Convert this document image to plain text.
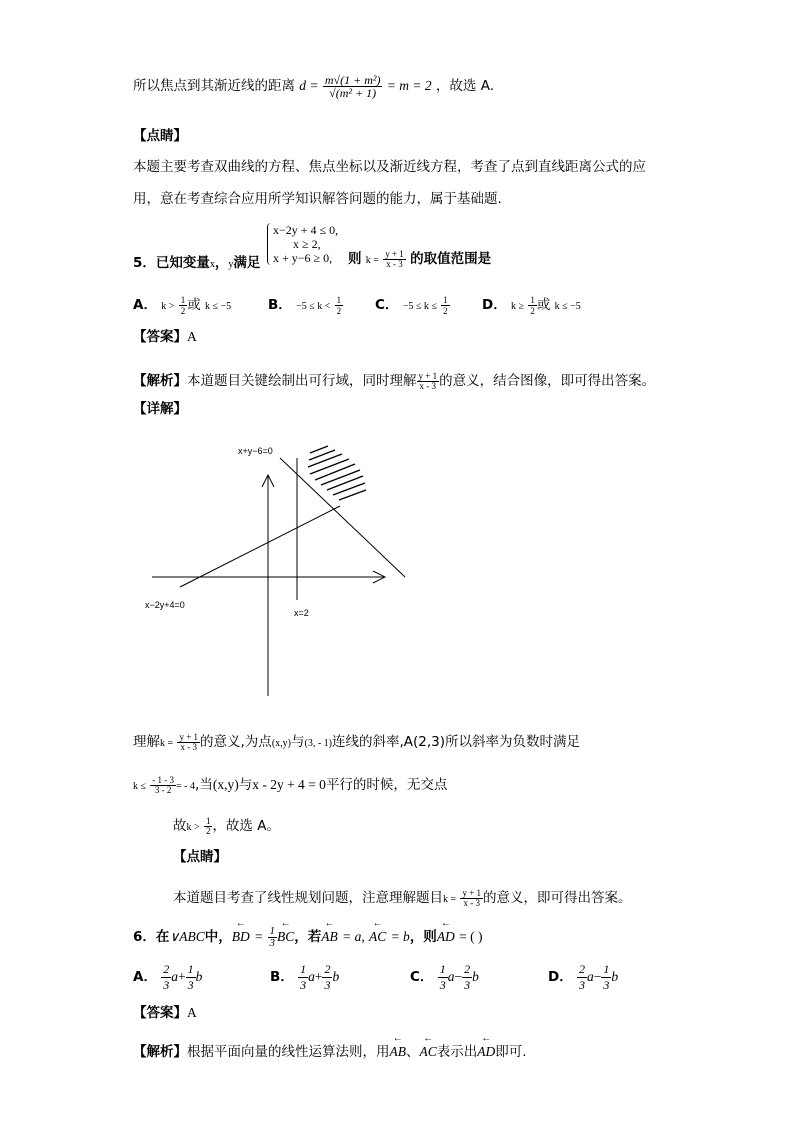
所以焦点到其渐近线的距离 $d = \frac{\text{m√(1 + m²)}}{\text{√(m² + 1)}} = m = 2$ ，故选 A.
【点睛】
本题主要考查双曲线的方程、焦点坐标以及渐近线方程，考查了点到直线距离公式的应
用，意在考查综合应用所学知识解答问题的能力，属于基础题.
5．已知变量x，y满足
x−2y + 4 ≤ 0,
x ≥ 2,
x + y−6 ≥ 0, 则 $k = \frac{y + 1}{x - 3}$ 的取值范围是
A． $k > \frac{1}{2}$ 或 k ≤ −5	B． $-5 \le k < \frac{1}{2}$ C． $-5 \le k \le \frac{1}{2}$ D． $k \ge \frac{1}{2}$ 或 k ≤ −5
【答案】A
【解析】本道题目关键绘制出可行域，同时理解 $\frac{y + 1}{x - 3}$ 的意义，结合图像，即可得出答案。
【详解】
x+y−6=0
x−2y+4=0
x=2
理解$k = \frac{y + 1}{x - 3}$ 的意义,为点(x,y)与(3, - 1)连线的斜率,A(2,3)所以斜率为负数时满足
$k \le \frac{- 1 - 3}{3 - 2}$ = - 4,当(x,y)与x - 2y + 4 = 0平行的时候，无交点
故$k > \frac{1}{2}$ ，故选 A。
【点睛】
本道题目考查了线性规划问题，注意理解题目$k = \frac{y + 1}{x - 3}$ 的意义，即可得出答案。
6．在∨ABC中，← BD = $\frac{1}{3}$ ← BC，若← AB = a, ← AC = b，则← AD = ( )
A． $\frac{2}{3} a+ \frac{1}{3}$ b	B． $\frac{1}{3} a+ \frac{2}{3}$ b	C． $\frac{1}{3} a- \frac{2}{3}$ b	D． $\frac{2}{3} a- \frac{1}{3}$ b
【答案】A
【解析】根据平面向量的线性运算法则，用← AB、← AC表示出← AD即可.
